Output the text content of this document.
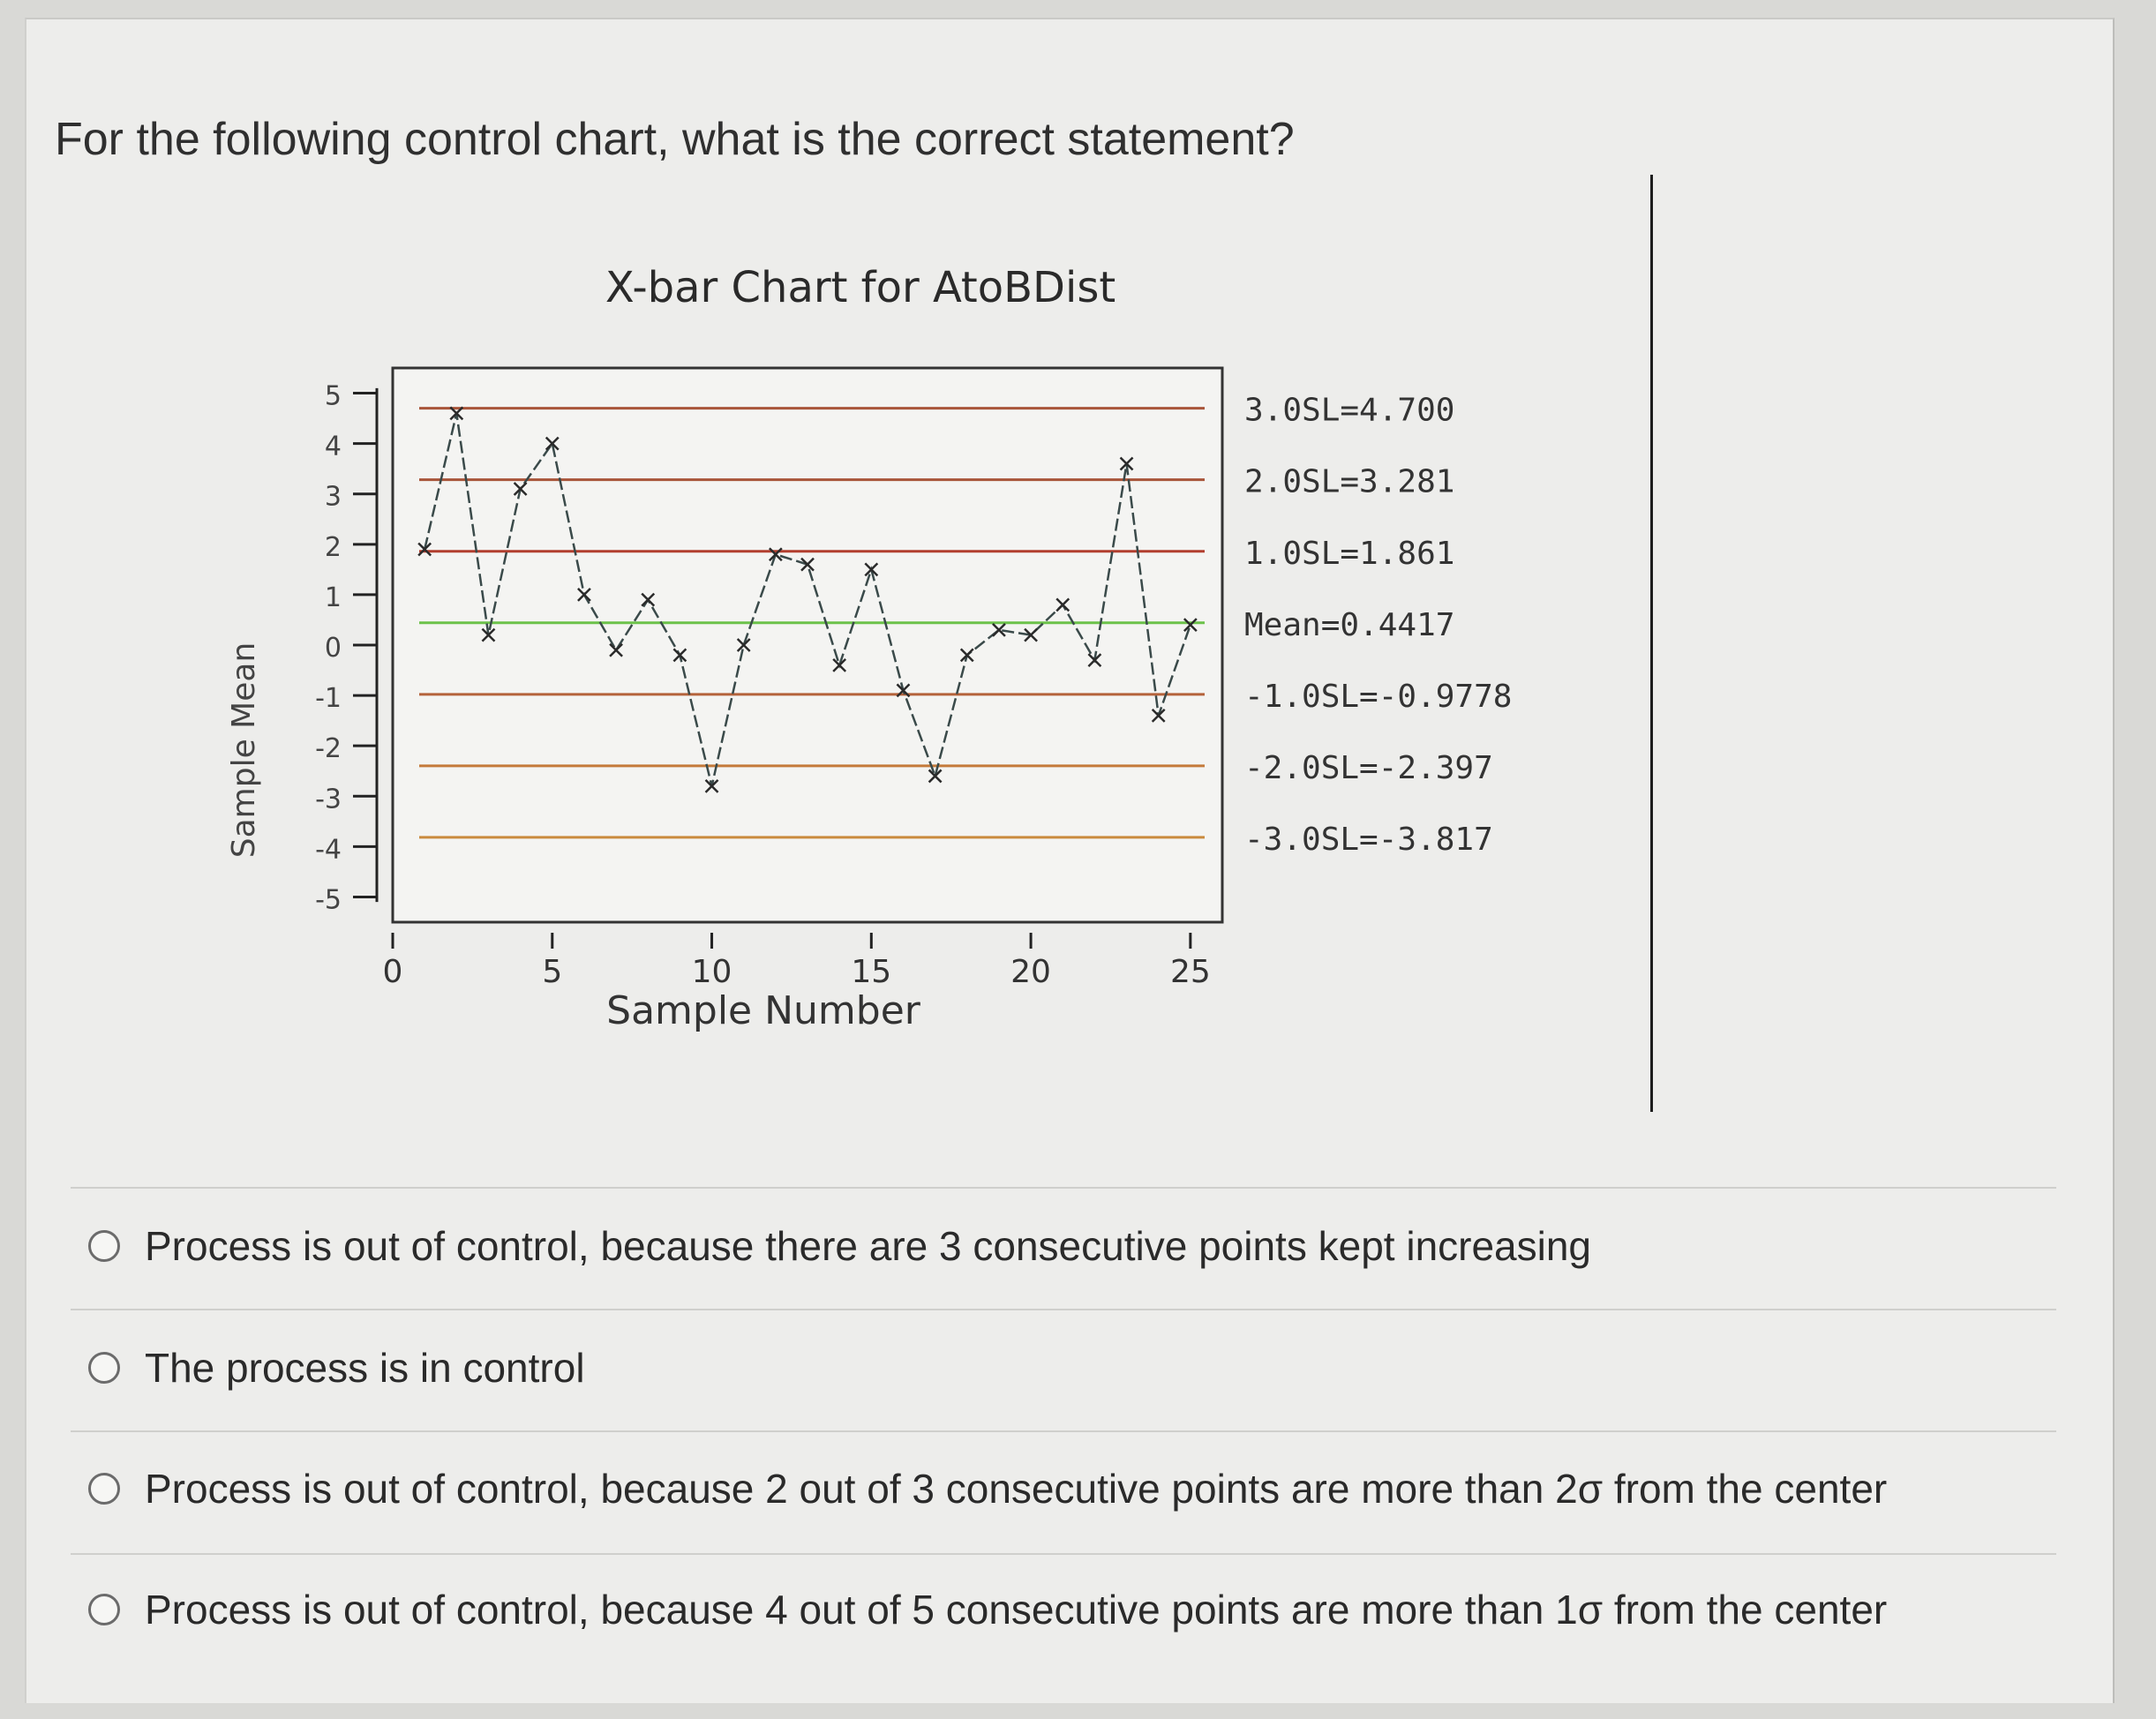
For the following control chart, what is the correct statement?
X-bar Chart for AtoBDist
Sample Number
Sample Mean
5
4
3
2
1
0
-1
-2
-3
-4
-5
0	5	10	15	20	25
3.0SL=4.700
2.0SL=3.281
1.0SL=1.861
Mean=0.4417
-1.0SL=-0.9778
-2.0SL=-2.397
-3.0SL=-3.817
Process is out of control, because there are 3 consecutive points kept increasing
The process is in control
Process is out of control, because 2 out of 3 consecutive points are more than 2σ from the center
Process is out of control, because 4 out of 5 consecutive points are more than 1σ from the center
